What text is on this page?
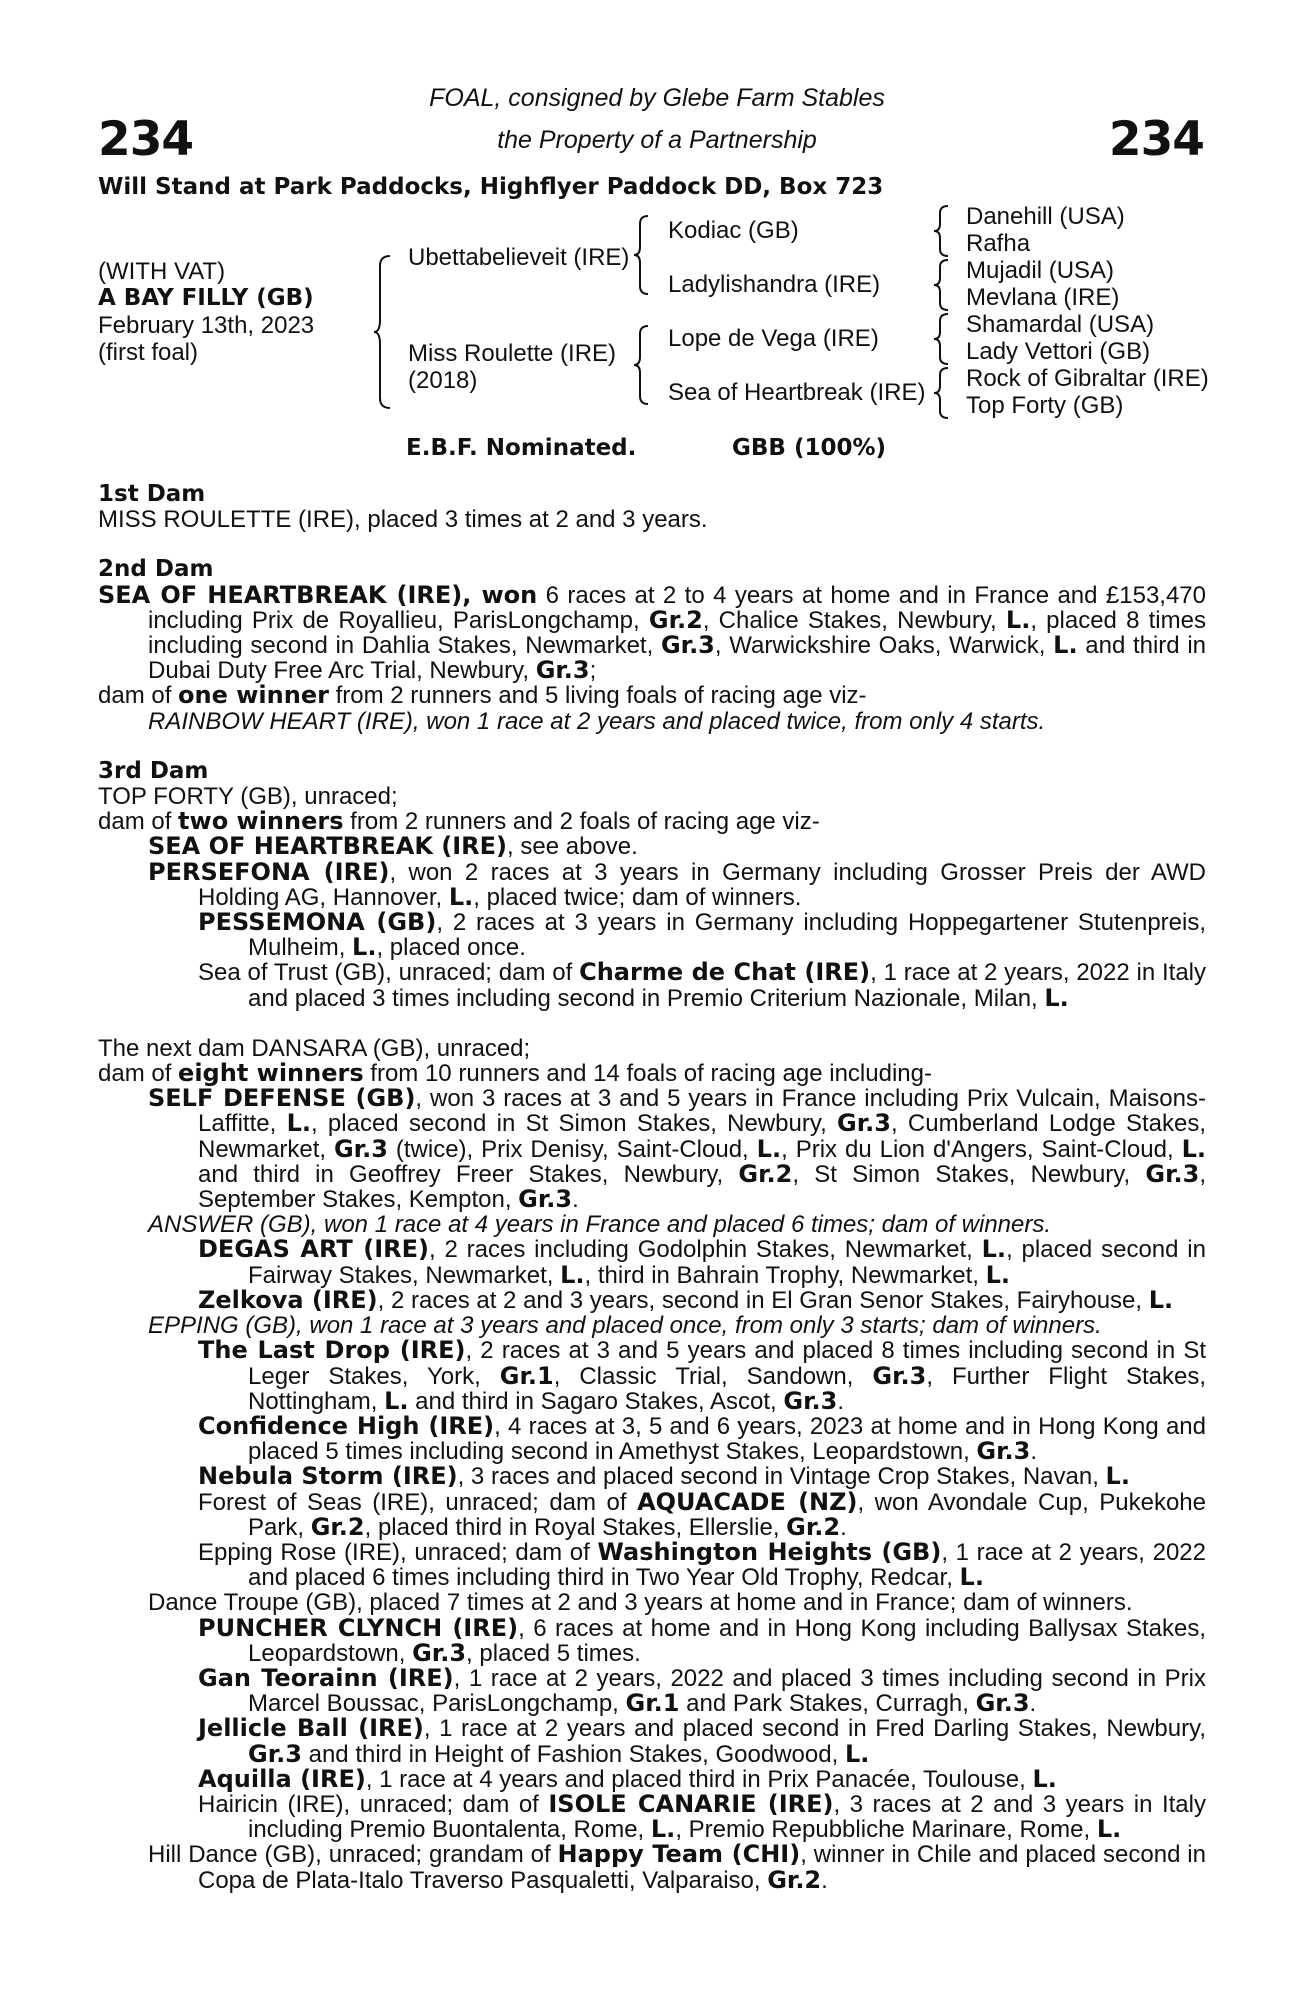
234	234
FOAL, consigned by Glebe Farm Stables
the Property of a Partnership
Will Stand at Park Paddocks, Highflyer Paddock DD, Box 723
(WITH VAT)
A BAY FILLY (GB)
February 13th, 2023
(first foal)
Ubettabelieveit (IRE)
Miss Roulette (IRE)
(2018)
Kodiac (GB)
Ladylishandra (IRE)
Lope de Vega (IRE)
Sea of Heartbreak (IRE)
Danehill (USA)
Rafha
Mujadil (USA)
Mevlana (IRE)
Shamardal (USA)
Lady Vettori (GB)
Rock of Gibraltar (IRE)
Top Forty (GB)
E.B.F. Nominated.	GBB (100%)

1st Dam

MISS ROULETTE (IRE), placed 3 times at 2 and 3 years.

2nd Dam

SEA OF HEARTBREAK (IRE), won 6 races at 2 to 4 years at home and in France and £153,470 including Prix de Royallieu, ParisLongchamp, Gr.2, Chalice Stakes, Newbury, L., placed 8 times including second in Dahlia Stakes, Newmarket, Gr.3, Warwickshire Oaks, Warwick, L. and third in Dubai Duty Free Arc Trial, Newbury, Gr.3;

dam of one winner from 2 runners and 5 living foals of racing age viz-

RAINBOW HEART (IRE), won 1 race at 2 years and placed twice, from only 4 starts.

3rd Dam

TOP FORTY (GB), unraced;

dam of two winners from 2 runners and 2 foals of racing age viz-

SEA OF HEARTBREAK (IRE), see above.

PERSEFONA (IRE), won 2 races at 3 years in Germany including Grosser Preis der AWD Holding AG, Hannover, L., placed twice; dam of winners.

PESSEMONA (GB), 2 races at 3 years in Germany including Hoppegartener Stutenpreis, Mulheim, L., placed once.

Sea of Trust (GB), unraced; dam of Charme de Chat (IRE), 1 race at 2 years, 2022 in Italy and placed 3 times including second in Premio Criterium Nazionale, Milan, L.

The next dam DANSARA (GB), unraced;

dam of eight winners from 10 runners and 14 foals of racing age including-

SELF DEFENSE (GB), won 3 races at 3 and 5 years in France including Prix Vulcain, Maisons-Laffitte, L., placed second in St Simon Stakes, Newbury, Gr.3, Cumberland Lodge Stakes, Newmarket, Gr.3 (twice), Prix Denisy, Saint-Cloud, L., Prix du Lion d'Angers, Saint-Cloud, L. and third in Geoffrey Freer Stakes, Newbury, Gr.2, St Simon Stakes, Newbury, Gr.3, September Stakes, Kempton, Gr.3.

ANSWER (GB), won 1 race at 4 years in France and placed 6 times; dam of winners.

DEGAS ART (IRE), 2 races including Godolphin Stakes, Newmarket, L., placed second in Fairway Stakes, Newmarket, L., third in Bahrain Trophy, Newmarket, L.

Zelkova (IRE), 2 races at 2 and 3 years, second in El Gran Senor Stakes, Fairyhouse, L.

EPPING (GB), won 1 race at 3 years and placed once, from only 3 starts; dam of winners.

The Last Drop (IRE), 2 races at 3 and 5 years and placed 8 times including second in St Leger Stakes, York, Gr.1, Classic Trial, Sandown, Gr.3, Further Flight Stakes, Nottingham, L. and third in Sagaro Stakes, Ascot, Gr.3.

Confidence High (IRE), 4 races at 3, 5 and 6 years, 2023 at home and in Hong Kong and placed 5 times including second in Amethyst Stakes, Leopardstown, Gr.3.

Nebula Storm (IRE), 3 races and placed second in Vintage Crop Stakes, Navan, L.

Forest of Seas (IRE), unraced; dam of AQUACADE (NZ), won Avondale Cup, Pukekohe Park, Gr.2, placed third in Royal Stakes, Ellerslie, Gr.2.

Epping Rose (IRE), unraced; dam of Washington Heights (GB), 1 race at 2 years, 2022 and placed 6 times including third in Two Year Old Trophy, Redcar, L.

Dance Troupe (GB), placed 7 times at 2 and 3 years at home and in France; dam of winners.

PUNCHER CLYNCH (IRE), 6 races at home and in Hong Kong including Ballysax Stakes, Leopardstown, Gr.3, placed 5 times.

Gan Teorainn (IRE), 1 race at 2 years, 2022 and placed 3 times including second in Prix Marcel Boussac, ParisLongchamp, Gr.1 and Park Stakes, Curragh, Gr.3.

Jellicle Ball (IRE), 1 race at 2 years and placed second in Fred Darling Stakes, Newbury, Gr.3 and third in Height of Fashion Stakes, Goodwood, L.

Aquilla (IRE), 1 race at 4 years and placed third in Prix Panacée, Toulouse, L.

Hairicin (IRE), unraced; dam of ISOLE CANARIE (IRE), 3 races at 2 and 3 years in Italy including Premio Buontalenta, Rome, L., Premio Repubbliche Marinare, Rome, L.

Hill Dance (GB), unraced; grandam of Happy Team (CHI), winner in Chile and placed second in Copa de Plata-Italo Traverso Pasqualetti, Valparaiso, Gr.2.
